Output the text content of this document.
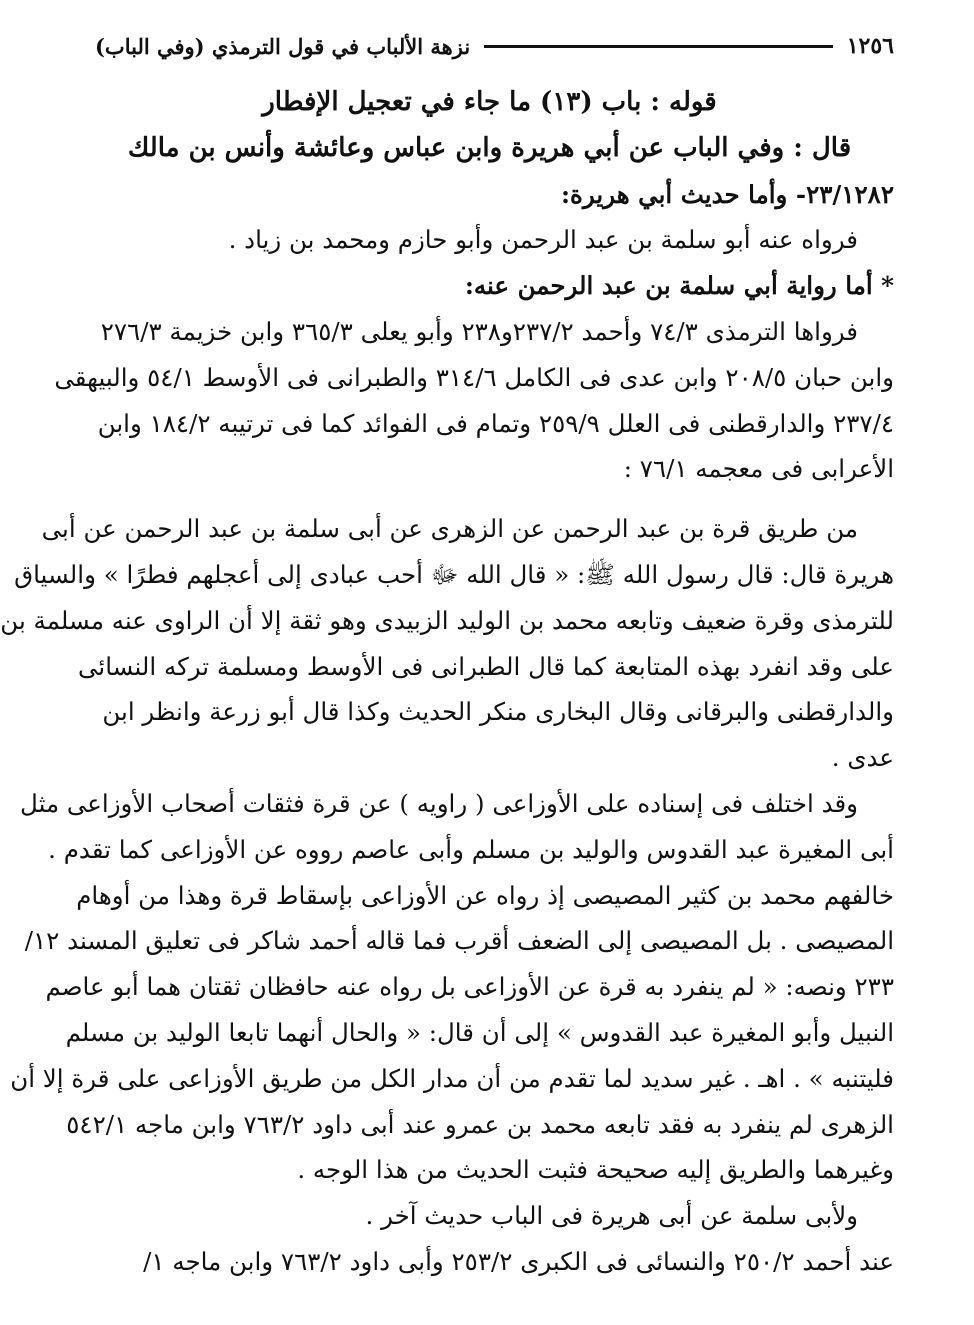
نزهة الألباب في قول الترمذي (وفي الباب)	١٢٥٦
قوله : باب (١٣) ما جاء في تعجيل الإفطار
قال : وفي الباب عن أبي هريرة وابن عباس وعائشة وأنس بن مالك
٢٣/١٢٨٢- وأما حديث أبي هريرة:
فرواه عنه أبو سلمة بن عبد الرحمن وأبو حازم ومحمد بن زياد .
* أما رواية أبي سلمة بن عبد الرحمن عنه:
فرواها الترمذى ٧٤/٣ وأحمد ٢٣٧/٢و٢٣٨ وأبو يعلى ٣٦٥/٣ وابن خزيمة ٢٧٦/٣
وابن حبان ٢٠٨/٥ وابن عدى فى الكامل ٣١٤/٦ والطبرانى فى الأوسط ٥٤/١ والبيهقى
٢٣٧/٤ والدارقطنى فى العلل ٢٥٩/٩ وتمام فى الفوائد كما فى ترتيبه ١٨٤/٢ وابن
الأعرابى فى معجمه ٧٦/١ :
من طريق قرة بن عبد الرحمن عن الزهرى عن أبى سلمة بن عبد الرحمن عن أبى
هريرة قال: قال رسول الله ﷺ: « قال الله ﷻ أحب عبادى إلى أعجلهم فطرًا » والسياق
للترمذى وقرة ضعيف وتابعه محمد بن الوليد الزبيدى وهو ثقة إلا أن الراوى عنه مسلمة بن
على وقد انفرد بهذه المتابعة كما قال الطبرانى فى الأوسط ومسلمة تركه النسائى
والدارقطنى والبرقانى وقال البخارى منكر الحديث وكذا قال أبو زرعة وانظر ابن
عدى .
وقد اختلف فى إسناده على الأوزاعى ( راويه ) عن قرة فثقات أصحاب الأوزاعى مثل
أبى المغيرة عبد القدوس والوليد بن مسلم وأبى عاصم رووه عن الأوزاعى كما تقدم .
خالفهم محمد بن كثير المصيصى إذ رواه عن الأوزاعى بإسقاط قرة وهذا من أوهام
المصيصى . بل المصيصى إلى الضعف أقرب فما قاله أحمد شاكر فى تعليق المسند ١٢/
٢٣٣ ونصه: « لم ينفرد به قرة عن الأوزاعى بل رواه عنه حافظان ثقتان هما أبو عاصم
النبيل وأبو المغيرة عبد القدوس » إلى أن قال: « والحال أنهما تابعا الوليد بن مسلم
فليتنبه » . اهـ . غير سديد لما تقدم من أن مدار الكل من طريق الأوزاعى على قرة إلا أن
الزهرى لم ينفرد به فقد تابعه محمد بن عمرو عند أبى داود ٧٦٣/٢ وابن ماجه ٥٤٢/١
وغيرهما والطريق إليه صحيحة فثبت الحديث من هذا الوجه .
ولأبى سلمة عن أبى هريرة فى الباب حديث آخر .
عند أحمد ٢٥٠/٢ والنسائى فى الكبرى ٢٥٣/٢ وأبى داود ٧٦٣/٢ وابن ماجه ١/
